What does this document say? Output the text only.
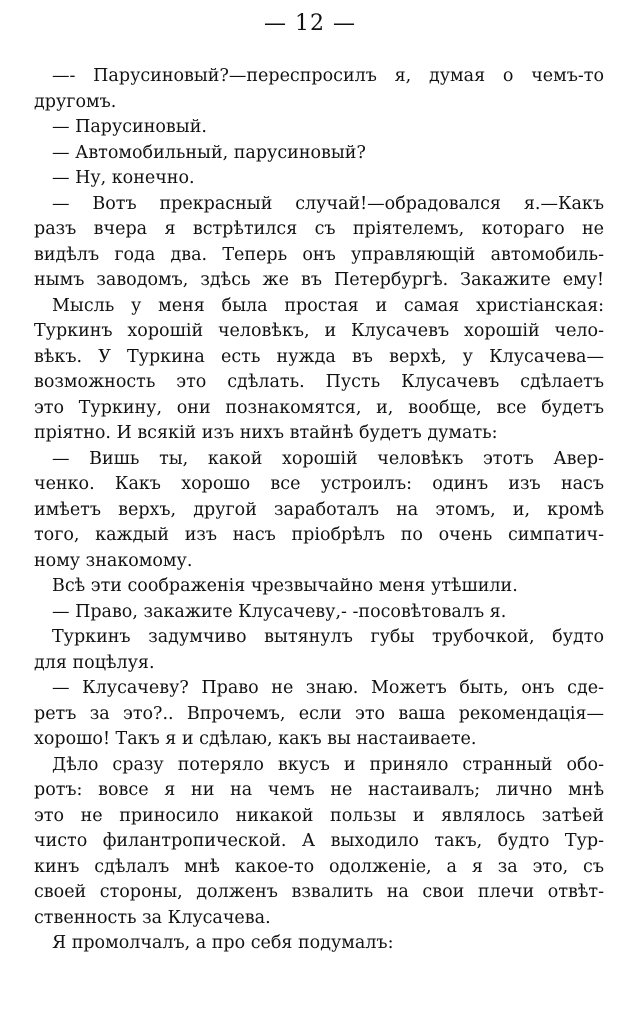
— 12 —
—- Парусиновый?—переспросилъ я, думая о чемъ-то
другомъ.
— Парусиновый.
— Автомобильный, парусиновый?
— Ну, конечно.
— Вотъ прекрасный случай!—обрадовался я.—Какъ
разъ вчера я встрѣтился съ пріятелемъ, котораго не
видѣлъ года два. Теперь онъ управляющій автомобиль-
нымъ заводомъ, здѣсь же въ Петербургѣ. Закажите ему!
Мысль у меня была простая и самая христіанская:
Туркинъ хорошій человѣкъ, и Клусачевъ хорошій чело-
вѣкъ. У Туркина есть нужда въ верхѣ, у Клусачева—
возможность это сдѣлать. Пусть Клусачевъ сдѣлаетъ
это Туркину, они познакомятся, и, вообще, все будетъ
пріятно. И всякій изъ нихъ втайнѣ будетъ думать:
— Вишь ты, какой хорошій человѣкъ этотъ Авер-
ченко. Какъ хорошо все устроилъ: одинъ изъ насъ
имѣетъ верхъ, другой заработалъ на этомъ, и, кромѣ
того, каждый изъ насъ пріобрѣлъ по очень симпатич-
ному знакомому.
Всѣ эти соображенія чрезвычайно меня утѣшили.
— Право, закажите Клусачеву,- -посовѣтовалъ я.
Туркинъ задумчиво вытянулъ губы трубочкой, будто
для поцѣлуя.
— Клусачеву? Право не знаю. Можетъ быть, онъ сде-
ретъ за это?.. Впрочемъ, если это ваша рекомендація—
хорошо! Такъ я и сдѣлаю, какъ вы настаиваете.
Дѣло сразу потеряло вкусъ и приняло странный обо-
ротъ: вовсе я ни на чемъ не настаивалъ; лично мнѣ
это не приносило никакой пользы и являлось затѣей
чисто филантропической. А выходило такъ, будто Тур-
кинъ сдѣлалъ мнѣ какое-то одолженіе, а я за это, съ
своей стороны, долженъ взвалить на свои плечи отвѣт-
ственность за Клусачева.
Я промолчалъ, а про себя подумалъ:
